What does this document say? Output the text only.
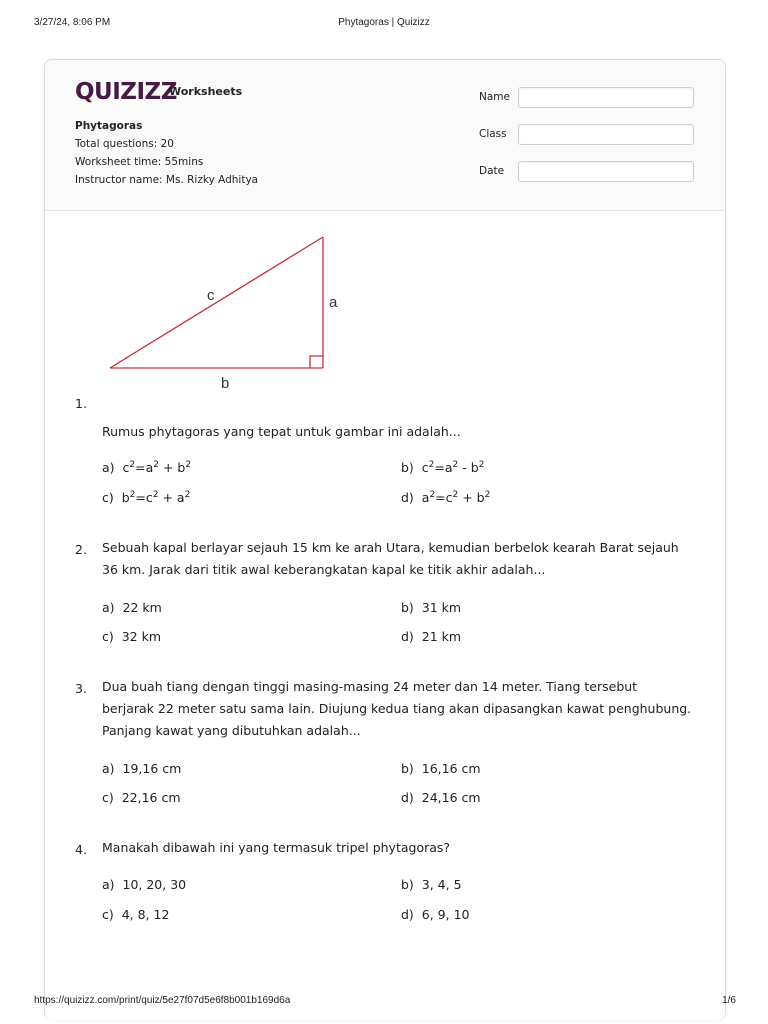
3/27/24, 8:06 PM	Phytagoras | Quizizz
QUIZIZZ
Worksheets
Phytagoras
Total questions: 20
Worksheet time: 55mins
Instructor name: Ms. Rizky Adhitya
Name
Class
Date
c	a
b
1.
Rumus phytagoras yang tepat untuk gambar ini adalah...
a) $c^2=a^2 + b^2$	b) $c^2=a^2 - b^2$
c) $b^2=c^2 + a^2$	d) $a^2=c^2 + b^2$
2. Sebuah kapal berlayar sejauh 15 km ke arah Utara, kemudian berbelok kearah Barat sejauh 36 km. Jarak dari titik awal keberangkatan kapal ke titik akhir adalah...
a) 22 km	b) 31 km
c) 32 km	d) 21 km
3. Dua buah tiang dengan tinggi masing-masing 24 meter dan 14 meter. Tiang tersebut berjarak 22 meter satu sama lain. Diujung kedua tiang akan dipasangkan kawat penghubung. Panjang kawat yang dibutuhkan adalah...
a) 19,16 cm	b) 16,16 cm
c) 22,16 cm	d) 24,16 cm
4. Manakah dibawah ini yang termasuk tripel phytagoras?
a) 10, 20, 30	b) 3, 4, 5
c) 4, 8, 12	d) 6, 9, 10
https://quizizz.com/print/quiz/5e27f07d5e6f8b001b169d6a	1/6
